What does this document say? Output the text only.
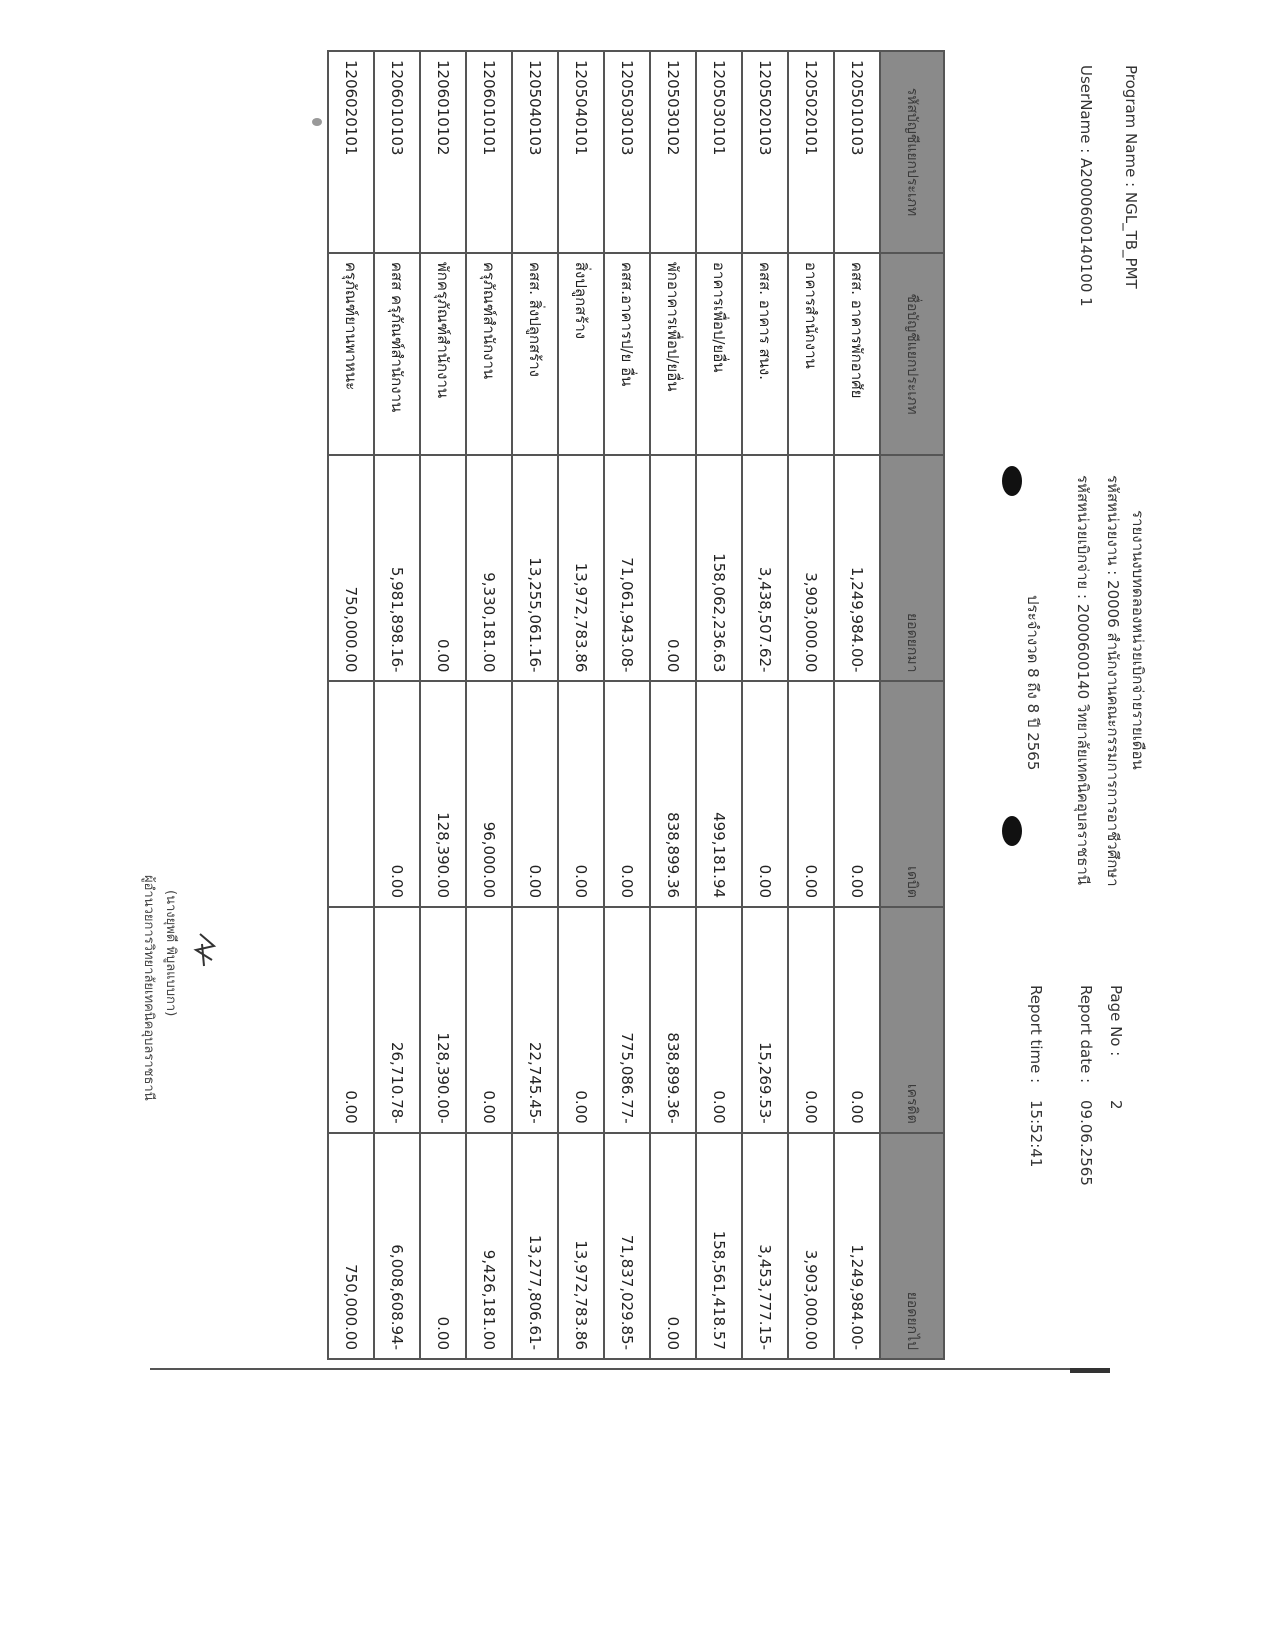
Program Name : NGL_TB_PMT
UserName : A2000600140100 1
รายงานงบทดลองหน่วยเบิกจ่ายรายเดือน
รหัสหน่วยงาน : 20006 สำนักงานคณะกรรมการการอาชีวศึกษา
รหัสหน่วยเบิกจ่าย : 2000600140 วิทยาลัยเทคนิคอุบลราชธานี
ประจำงวด 8 ถึง 8 ปี 2565
Page No :
2
Report date :
09.06.2565
Report time :
15:52:41
รหัสบัญชีแยกประเภท	ชื่อบัญชีแยกประเภท	ยอดยกมา	เดบิต	เครดิต	ยอดยกไป
1205010103	คสส. อาคารพักอาศัย	1,249,984.00-	0.00	0.00	1,249,984.00-
1205020101	อาคารสำนักงาน	3,903,000.00	0.00	0.00	3,903,000.00
1205020103	คสส. อาคาร สนง.	3,438,507.62-	0.00	15,269.53-	3,453,777.15-
1205030101	อาคารเพื่อป/ยอื่น	158,062,236.63	499,181.94	0.00	158,561,418.57
1205030102	พักอาคารเพื่อป/ยอื่น	0.00	838,899.36	838,899.36-	0.00
1205030103	คสส.อาคารป/ย อื่น	71,061,943.08-	0.00	775,086.77-	71,837,029.85-
1205040101	สิ่งปลูกสร้าง	13,972,783.86	0.00	0.00	13,972,783.86
1205040103	คสส. สิ่งปลูกสร้าง	13,255,061.16-	0.00	22,745.45-	13,277,806.61-
1206010101	ครุภัณฑ์สำนักงาน	9,330,181.00	96,000.00	0.00	9,426,181.00
1206010102	พักครุภัณฑ์สำนักงาน	0.00	128,390.00	128,390.00-	0.00
1206010103	คสส ครุภัณฑ์สำนักงาน	5,981,898.16-	0.00	26,710.78-	6,008,608.94-
1206020101	ครุภัณฑ์ยานพาหนะ	750,000.00		0.00	750,000.00
(นางยุพดี พิบูลแบบกา)
ผู้อำนวยการวิทยาลัยเทคนิคอุบลราชธานี
